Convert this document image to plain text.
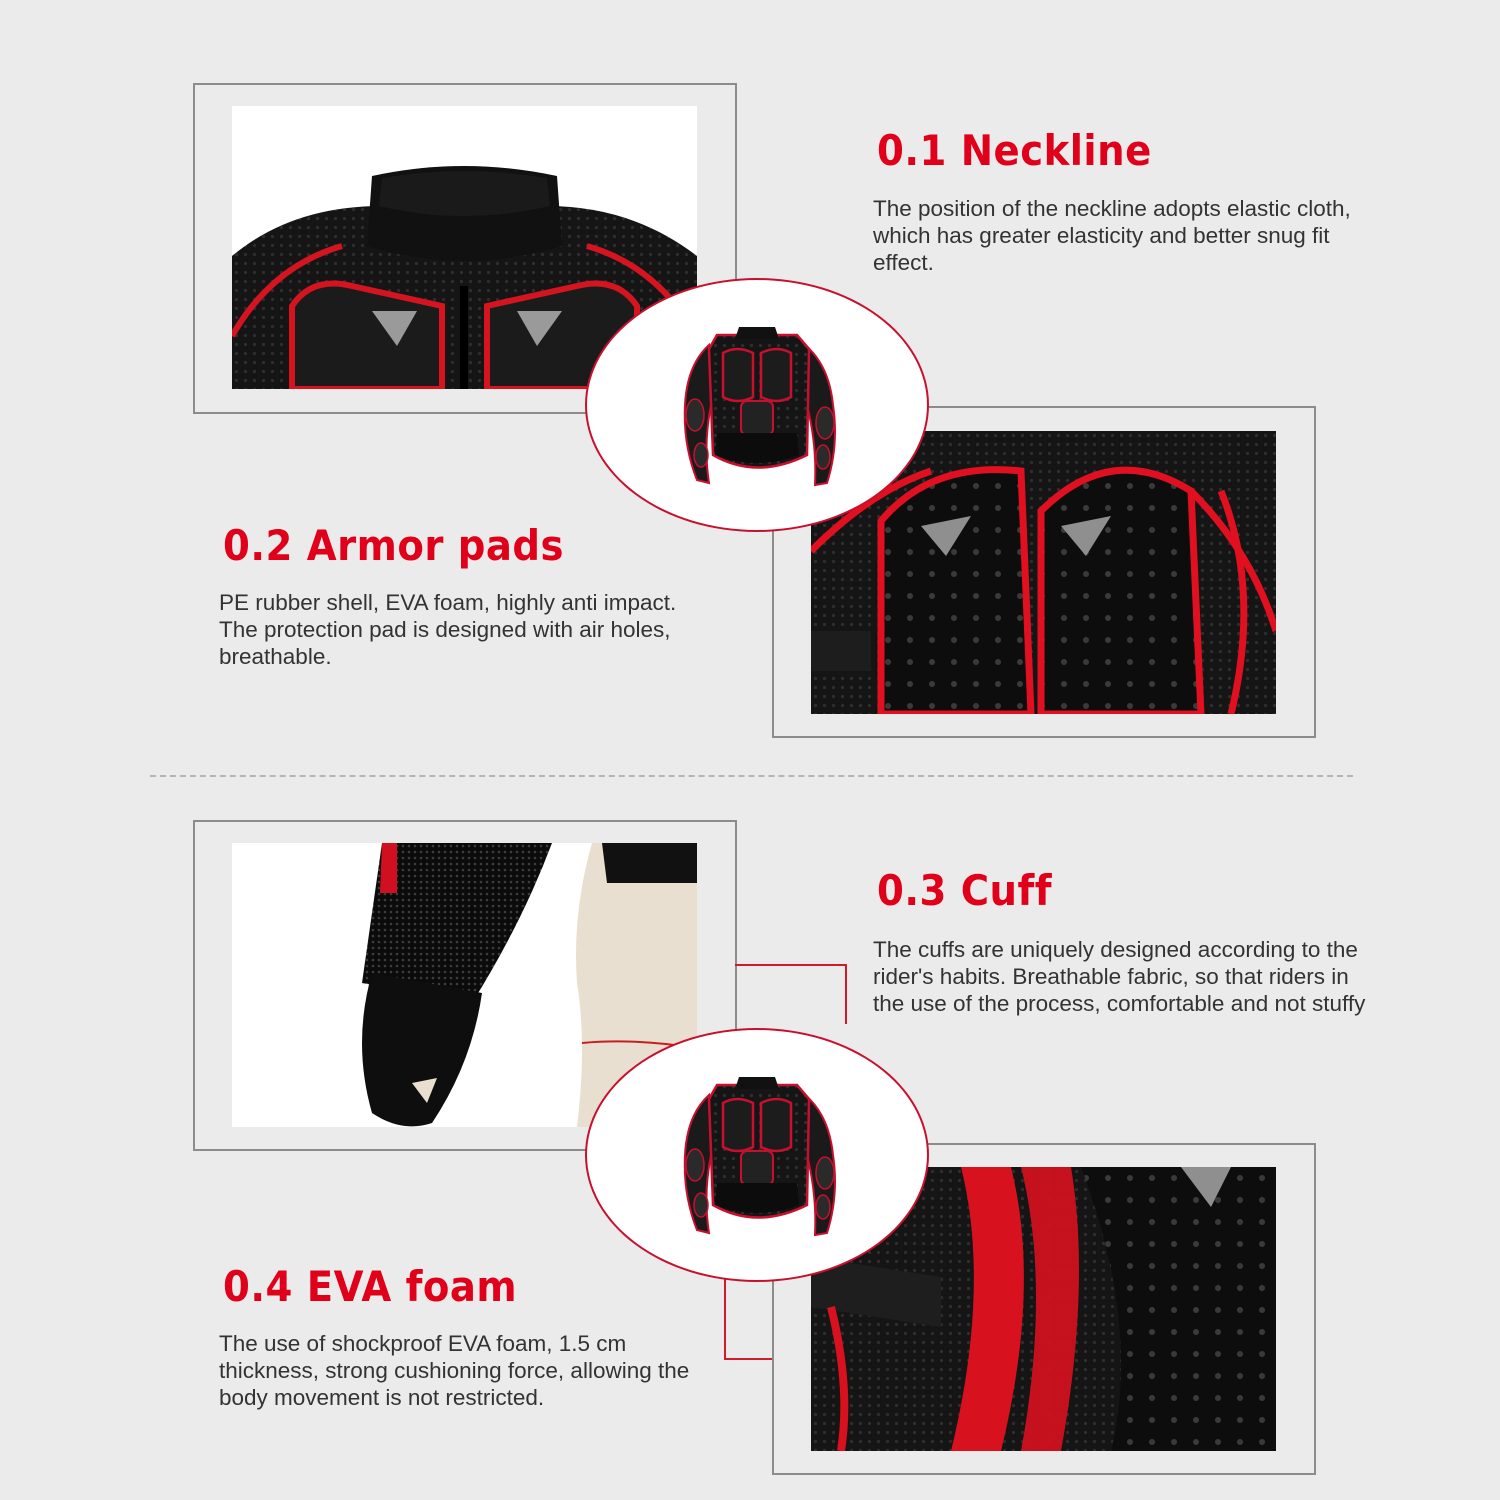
0.1 Neckline

The position of the neckline adopts elastic cloth, which has greater elasticity and better snug fit effect.

0.2 Armor pads

PE rubber shell, EVA foam, highly anti impact. The protection pad is designed with air holes, breathable.

0.3 Cuff

The cuffs are uniquely designed according to the rider's habits. Breathable fabric, so that riders in the use of the process, comfortable and not stuffy

0.4 EVA foam

The use of shockproof EVA foam, 1.5 cm thickness, strong cushioning force, allowing the body movement is not restricted.
